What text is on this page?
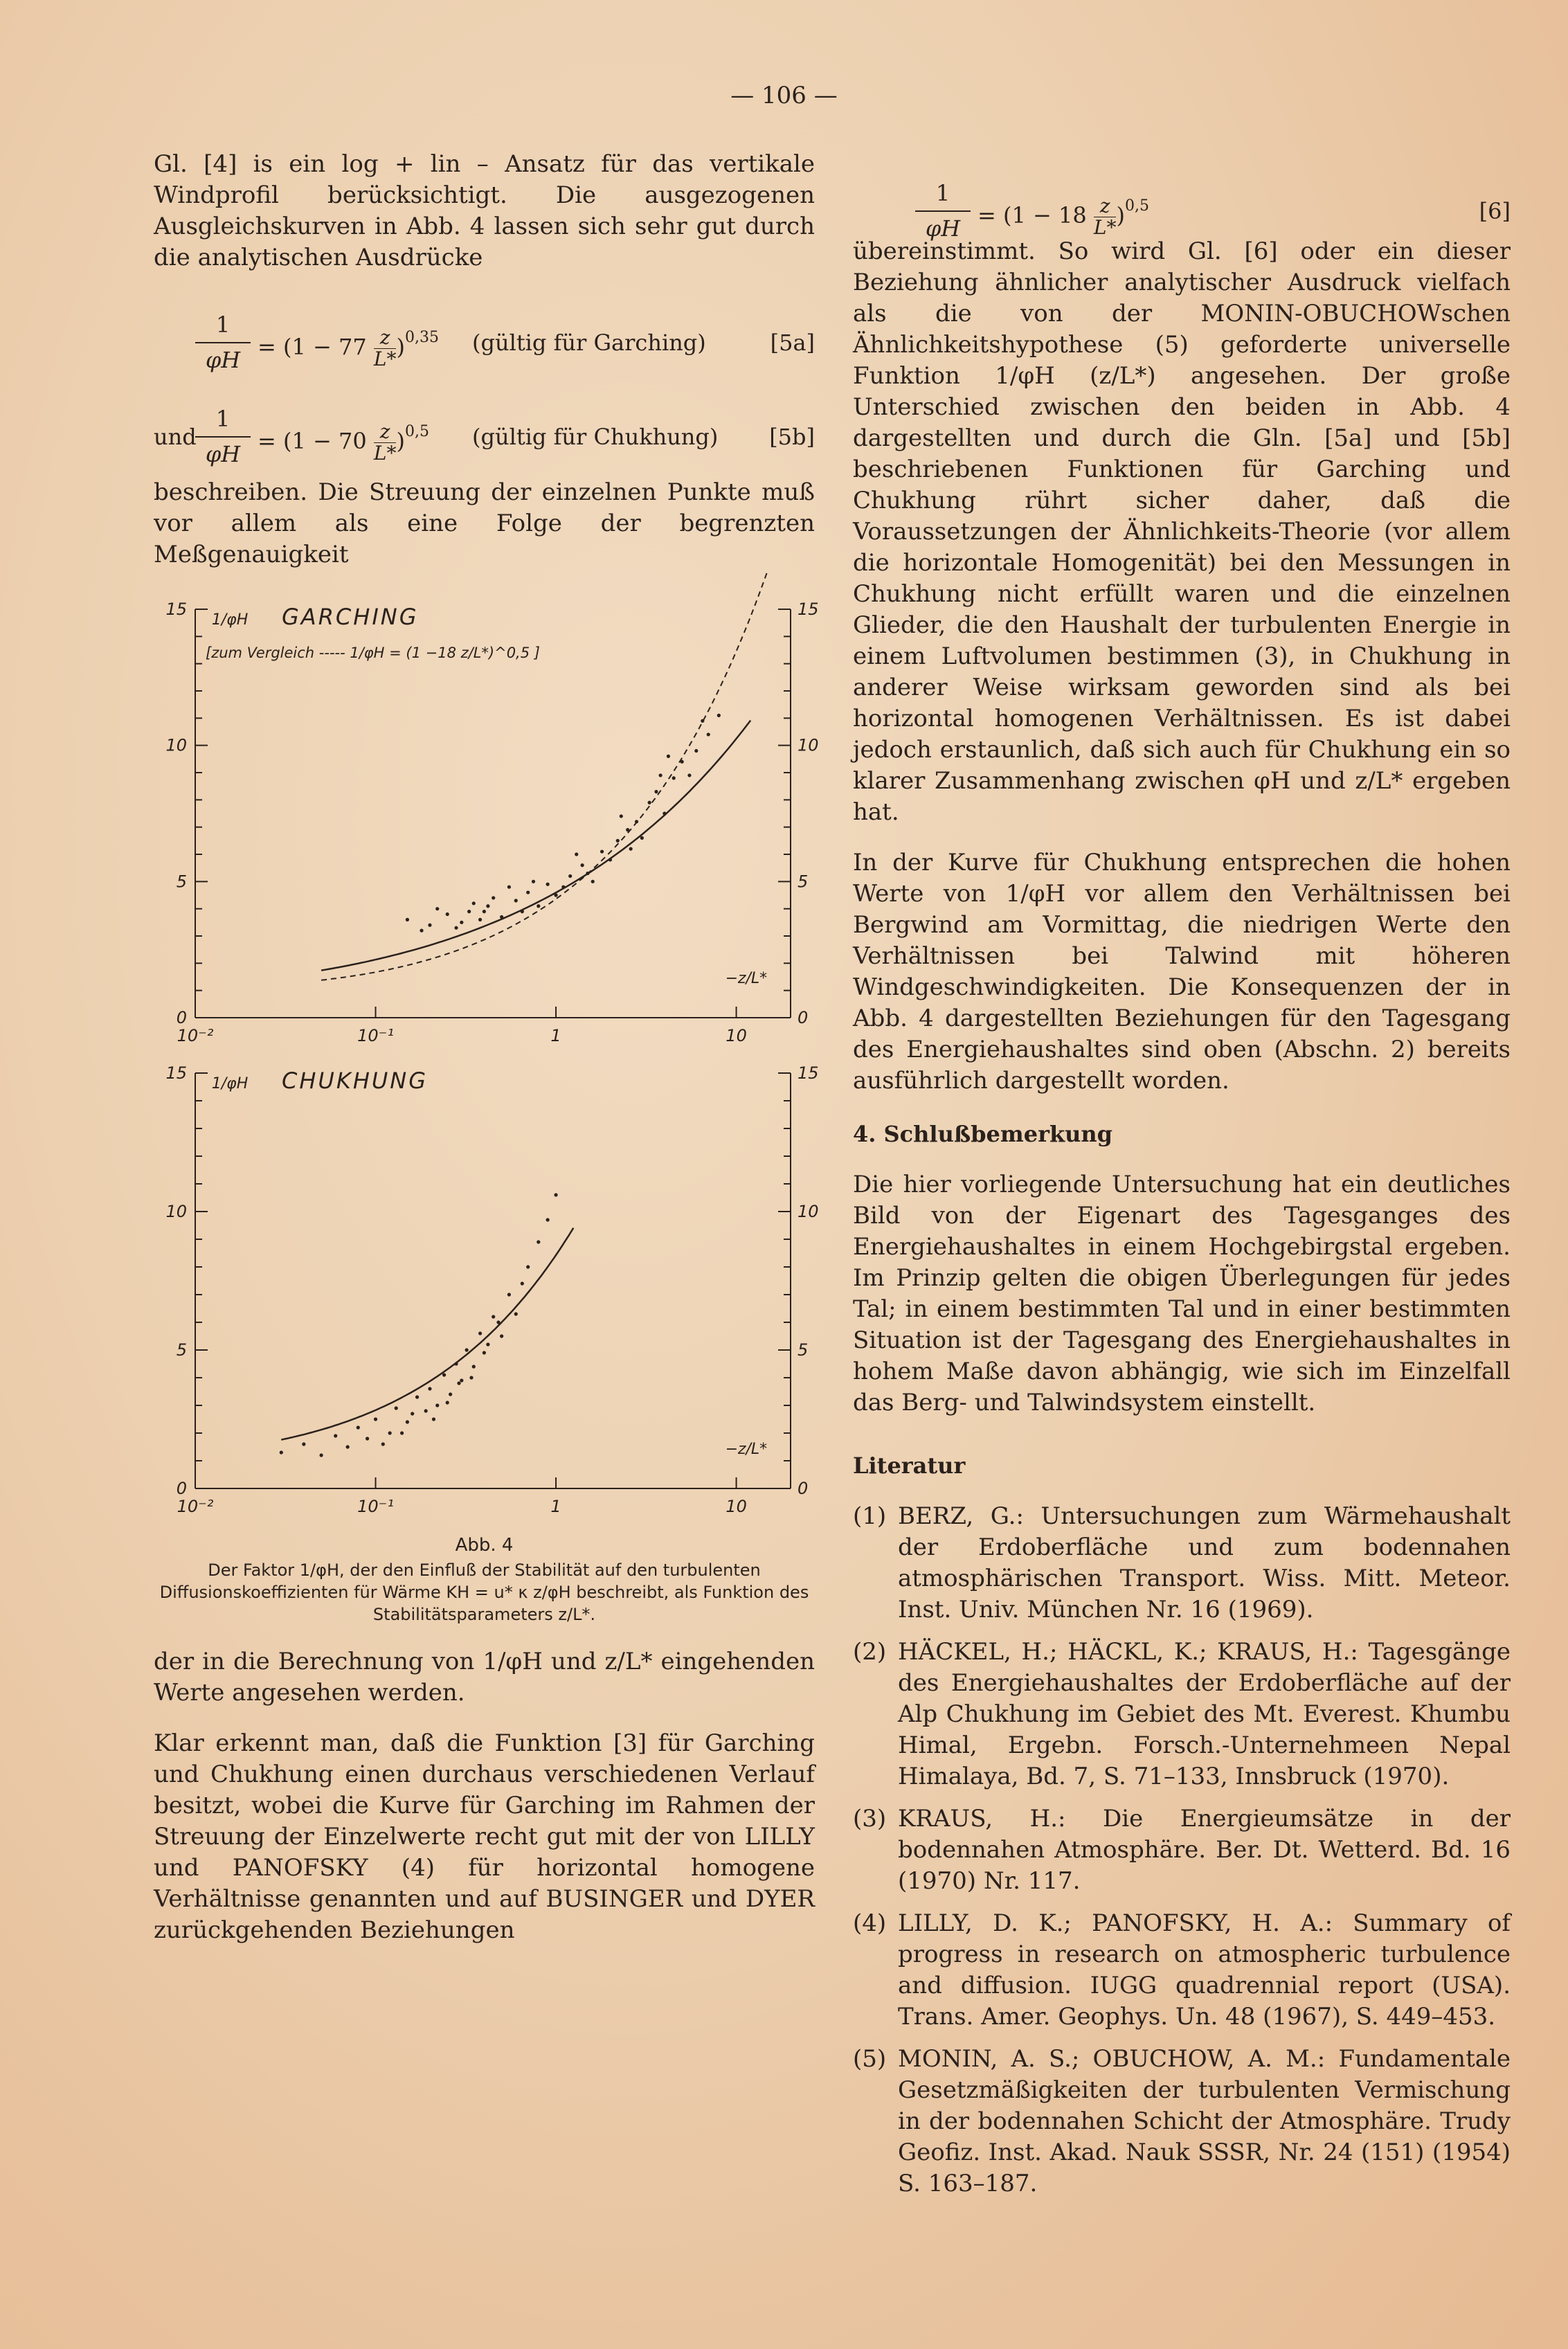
— 106 —

Gl. [4] is ein log + lin – Ansatz für das vertikale Windprofil berücksichtigt. Die ausgezogenen Ausgleichskurven in Abb. 4 lassen sich sehr gut durch die analytischen Ausdrücke

$\frac{1}{\varphi H} = (1 - 77 \frac{z}{L*} )^{0,35}$ (gültig für Garching)	[5a]
und
$\frac{1}{\varphi H} = (1 - 70 \frac{z}{L*} )^{0,5}$ (gültig für Chukhung) [5b]

beschreiben. Die Streuung der einzelnen Punkte muß vor allem als eine Folge der begrenzten Meßgenauigkeit

0
5	5
10	10
15	15
0
10⁻²	10⁻¹	1	10
1/φH GARCHING
− z/L*
[zum Vergleich ----- 1/φH = (1 −18 z/L*)^0,5 ]
0
5	5
10	10
15	15
0
10⁻²	10⁻¹	1	10
1/φH CHUKHUNG
− z/L*
Abb. 4
Der Faktor 1/φH, der den Einfluß der Stabilität auf den turbulenten Diffusionskoeffizienten für Wärme KH = u* κ z/φH beschreibt, als Funktion des Stabilitätsparameters z/L*.

der in die Berechnung von 1/φH und z/L* eingehenden Werte angesehen werden.

Klar erkennt man, daß die Funktion [3] für Garching und Chukhung einen durchaus verschiedenen Verlauf besitzt, wobei die Kurve für Garching im Rahmen der Streuung der Einzelwerte recht gut mit der von LILLY und PANOFSKY (4) für horizontal homogene Verhältnisse genannten und auf BUSINGER und DYER zurückgehenden Beziehungen

$\frac{1}{\varphi H} = (1 - 18 \frac{z}{L*} )^{0,5}$	[6]

übereinstimmt. So wird Gl. [6] oder ein dieser Beziehung ähnlicher analytischer Ausdruck vielfach als die von der MONIN-OBUCHOWschen Ähnlichkeitshypothese (5) geforderte universelle Funktion 1/φH (z/L*) angesehen. Der große Unterschied zwischen den beiden in Abb. 4 dargestellten und durch die Gln. [5a] und [5b] beschriebenen Funktionen für Garching und Chukhung rührt sicher daher, daß die Voraussetzungen der Ähnlichkeits-Theorie (vor allem die horizontale Homogenität) bei den Messungen in Chukhung nicht erfüllt waren und die einzelnen Glieder, die den Haushalt der turbulenten Energie in einem Luftvolumen bestimmen (3), in Chukhung in anderer Weise wirksam geworden sind als bei horizontal homogenen Verhältnissen. Es ist dabei jedoch erstaunlich, daß sich auch für Chukhung ein so klarer Zusammenhang zwischen φH und z/L* ergeben hat.

In der Kurve für Chukhung entsprechen die hohen Werte von 1/φH vor allem den Verhältnissen bei Bergwind am Vormittag, die niedrigen Werte den Verhältnissen bei Talwind mit höheren Windgeschwindigkeiten. Die Konsequenzen der in Abb. 4 dargestellten Beziehungen für den Tagesgang des Energiehaushaltes sind oben (Abschn. 2) bereits ausführlich dargestellt worden.

4. Schlußbemerkung

Die hier vorliegende Untersuchung hat ein deutliches Bild von der Eigenart des Tagesganges des Energiehaushaltes in einem Hochgebirgstal ergeben. Im Prinzip gelten die obigen Überlegungen für jedes Tal; in einem bestimmten Tal und in einer bestimmten Situation ist der Tagesgang des Energiehaushaltes in hohem Maße davon abhängig, wie sich im Einzelfall das Berg- und Talwindsystem einstellt.

Literatur
(1) BERZ, G.: Untersuchungen zum Wärmehaushalt der Erdoberfläche und zum bodennahen atmosphärischen Transport. Wiss. Mitt. Meteor. Inst. Univ. München Nr. 16 (1969).
(2) HÄCKEL, H.; HÄCKL, K.; KRAUS, H.: Tagesgänge des Energiehaushaltes der Erdoberfläche auf der Alp Chukhung im Gebiet des Mt. Everest. Khumbu Himal, Ergebn. Forsch.-Unternehmeen Nepal Himalaya, Bd. 7, S. 71–133, Innsbruck (1970).
(3) KRAUS, H.: Die Energieumsätze in der bodennahen Atmosphäre. Ber. Dt. Wetterd. Bd. 16 (1970) Nr. 117.
(4) LILLY, D. K.; PANOFSKY, H. A.: Summary of progress in research on atmospheric turbulence and diffusion. IUGG quadrennial report (USA). Trans. Amer. Geophys. Un. 48 (1967), S. 449–453.
(5) MONIN, A. S.; OBUCHOW, A. M.: Fundamentale Gesetzmäßigkeiten der turbulenten Vermischung in der bodennahen Schicht der Atmosphäre. Trudy Geofiz. Inst. Akad. Nauk SSSR, Nr. 24 (151) (1954) S. 163–187.
